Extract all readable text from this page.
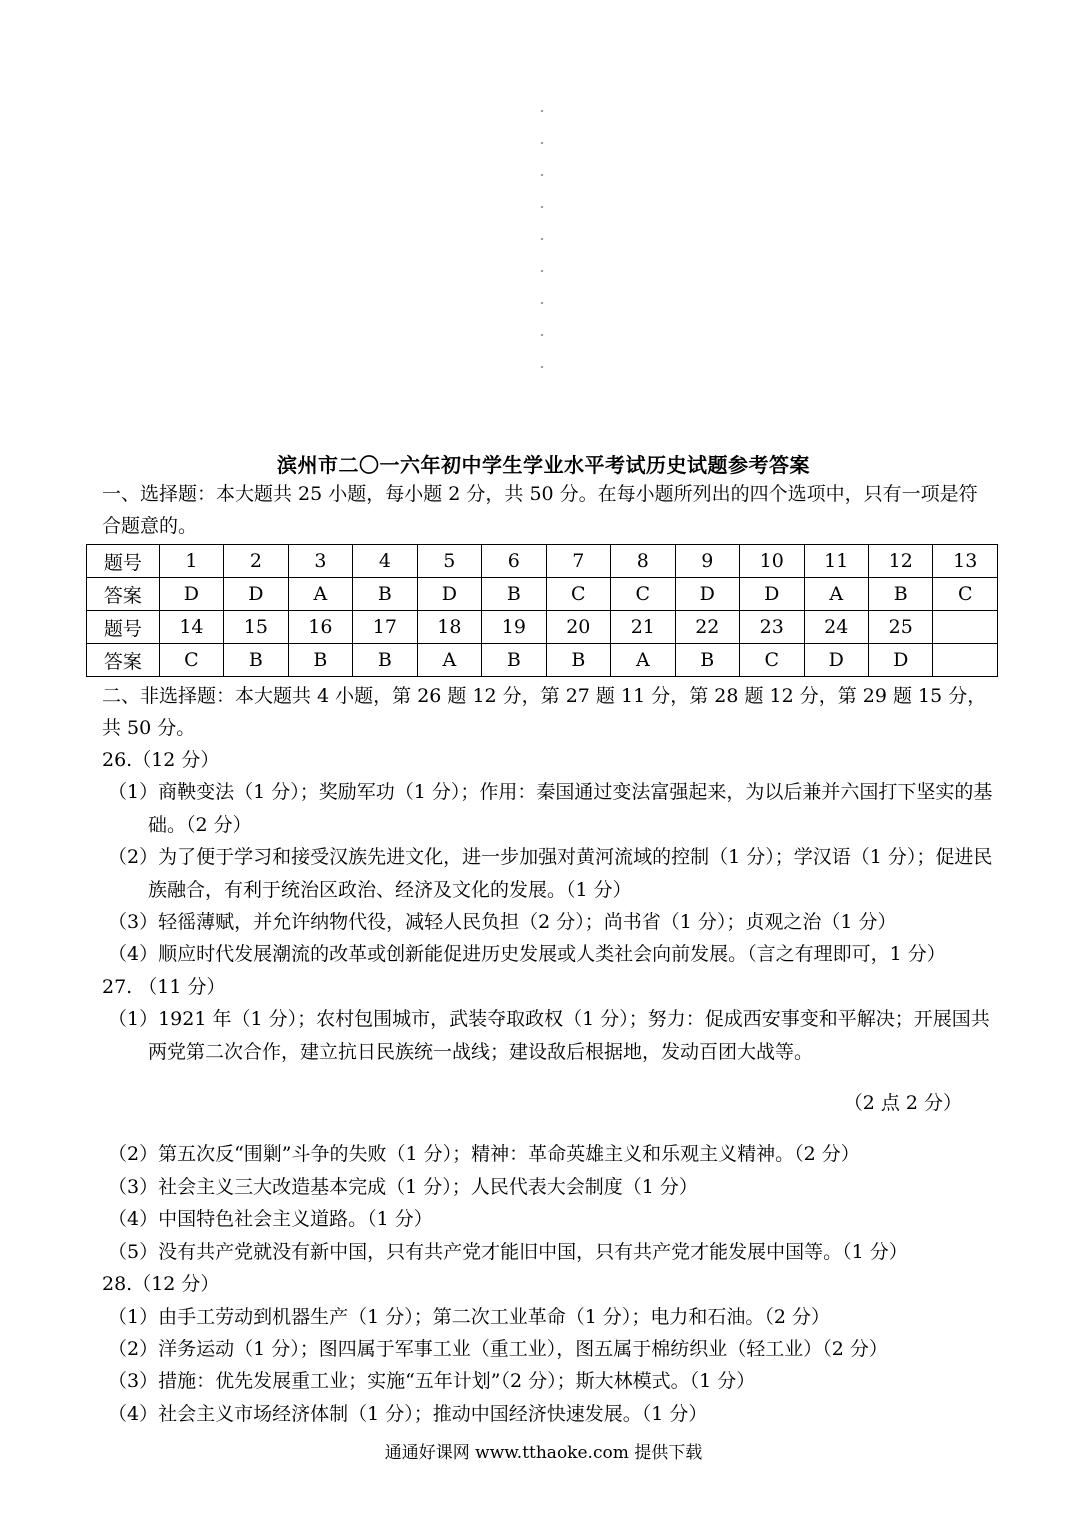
滨州市二〇一六年初中学生学业水平考试历史试题参考答案
一、选择题：本大题共 25 小题，每小题 2 分，共 50 分。在每小题所列出的四个选项中，只有一项是符合题意的。
题号	1	2	3	4	5	6	7	8	9	10	11	12	13
答案	D	D	A	B	D	B	C	C	D	D	A	B	C
题号	14	15	16	17	18	19	20	21	22	23	24	25	
答案	C	B	B	B	A	B	B	A	B	C	D	D	
二、非选择题：本大题共 4 小题，第 26 题 12 分，第 27 题 11 分，第 28 题 12 分，第 29 题 15 分，共 50 分。

26.（12 分）

（1）商鞅变法（1 分）；奖励军功（1 分）；作用：秦国通过变法富强起来，为以后兼并六国打下坚实的基础。（2 分）

（2）为了便于学习和接受汉族先进文化，进一步加强对黄河流域的控制（1 分）；学汉语（1 分）；促进民族融合，有利于统治区政治、经济及文化的发展。（1 分）

（3）轻徭薄赋，并允许纳物代役，减轻人民负担（2 分）；尚书省（1 分）；贞观之治（1 分）

（4）顺应时代发展潮流的改革或创新能促进历史发展或人类社会向前发展。（言之有理即可，1 分）

27. （11 分）

（1）1921 年（1 分）；农村包围城市，武装夺取政权（1 分）；努力：促成西安事变和平解决；开展国共两党第二次合作，建立抗日民族统一战线；建设敌后根据地，发动百团大战等。

（2 点 2 分）

（2）第五次反“围剿”斗争的失败（1 分）；精神：革命英雄主义和乐观主义精神。（2 分）

（3）社会主义三大改造基本完成（1 分）；人民代表大会制度（1 分）

（4）中国特色社会主义道路。（1 分）

（5）没有共产党就没有新中国，只有共产党才能旧中国，只有共产党才能发展中国等。（1 分）

28.（12 分）

（1）由手工劳动到机器生产（1 分）；第二次工业革命（1 分）；电力和石油。（2 分）

（2）洋务运动（1 分）；图四属于军事工业（重工业），图五属于棉纺织业（轻工业）（2 分）

（3）措施：优先发展重工业；实施“五年计划”（2 分）；斯大林模式。（1 分）

（4）社会主义市场经济体制（1 分）；推动中国经济快速发展。（1 分）

通通好课网 www.tthaoke.com 提供下载
